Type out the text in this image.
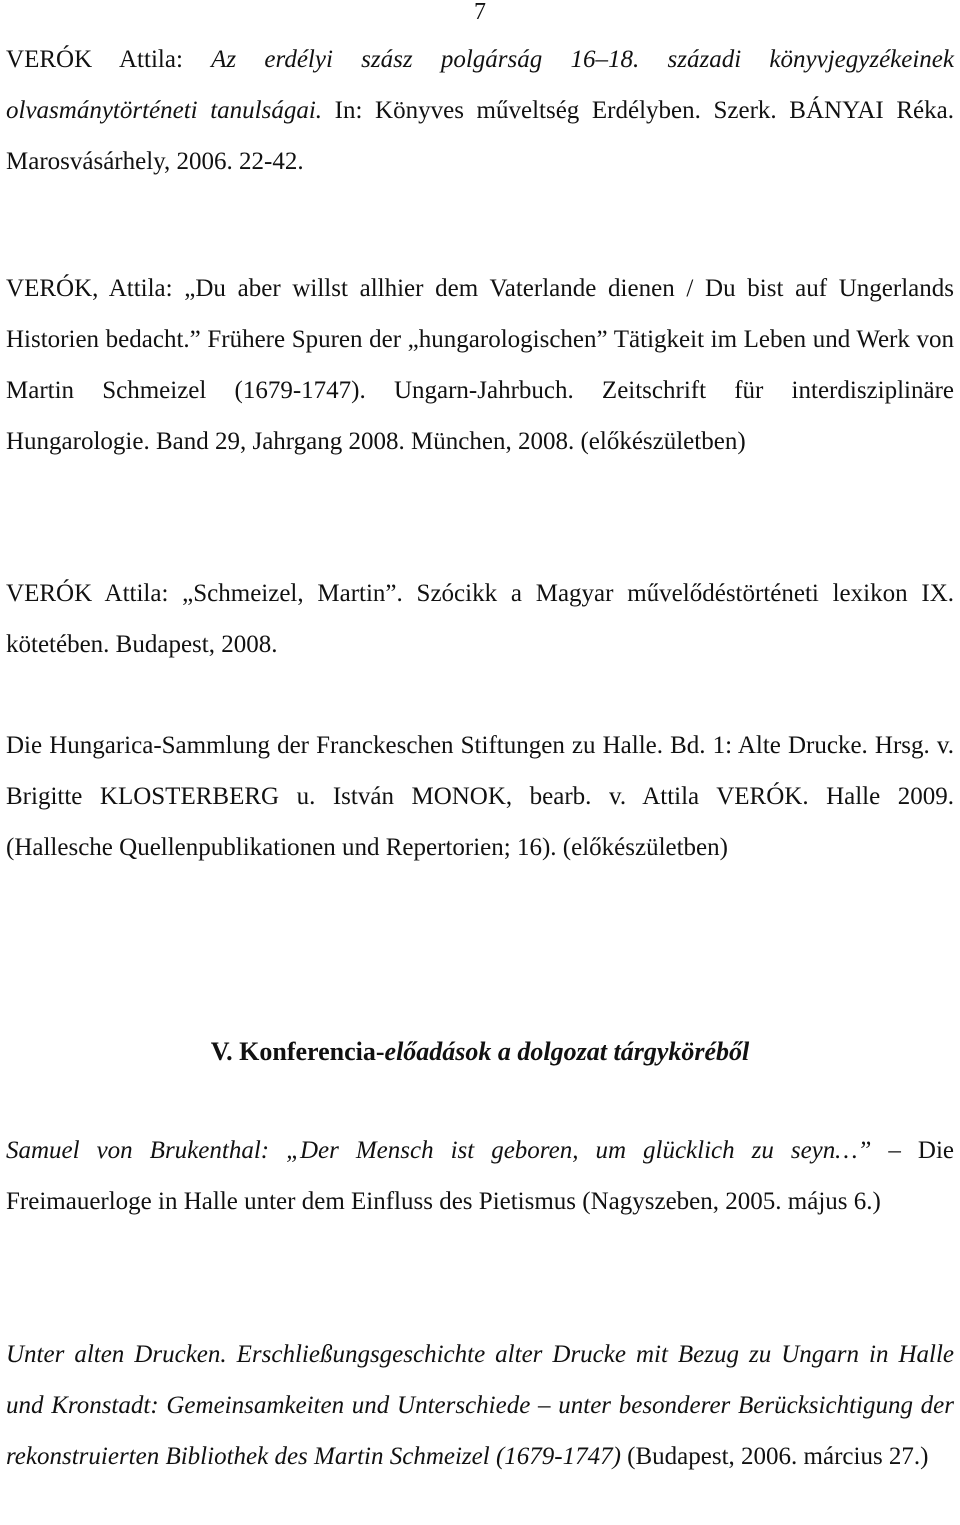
7

VERÓK Attila: Az erdélyi szász polgárság 16–18. századi könyvjegyzékeinek olvasmánytörténeti tanulságai. In: Könyves műveltség Erdélyben. Szerk. BÁNYAI Réka. Marosvásárhely, 2006. 22-42.

VERÓK, Attila: „Du aber willst allhier dem Vaterlande dienen / Du bist auf Ungerlands Historien bedacht.” Frühere Spuren der „hungarologischen” Tätigkeit im Leben und Werk von Martin Schmeizel (1679-1747). Ungarn-Jahrbuch. Zeitschrift für interdisziplinäre Hungarologie. Band 29, Jahrgang 2008. München, 2008. (előkészületben)

VERÓK Attila: „Schmeizel, Martin”. Szócikk a Magyar művelődéstörténeti lexikon IX. kötetében. Budapest, 2008.

Die Hungarica-Sammlung der Franckeschen Stiftungen zu Halle. Bd. 1: Alte Drucke. Hrsg. v. Brigitte KLOSTERBERG u. István MONOK, bearb. v. Attila VERÓK. Halle 2009. (Hallesche Quellenpublikationen und Repertorien; 16). (előkészületben)

V. Konferencia-előadások a dolgozat tárgyköréből

Samuel von Brukenthal: „Der Mensch ist geboren, um glücklich zu seyn…” – Die Freimauerloge in Halle unter dem Einfluss des Pietismus (Nagyszeben, 2005. május 6.)

Unter alten Drucken. Erschließungsgeschichte alter Drucke mit Bezug zu Ungarn in Halle und Kronstadt: Gemeinsamkeiten und Unterschiede – unter besonderer Berücksichtigung der rekonstruierten Bibliothek des Martin Schmeizel (1679-1747) (Budapest, 2006. március 27.)
